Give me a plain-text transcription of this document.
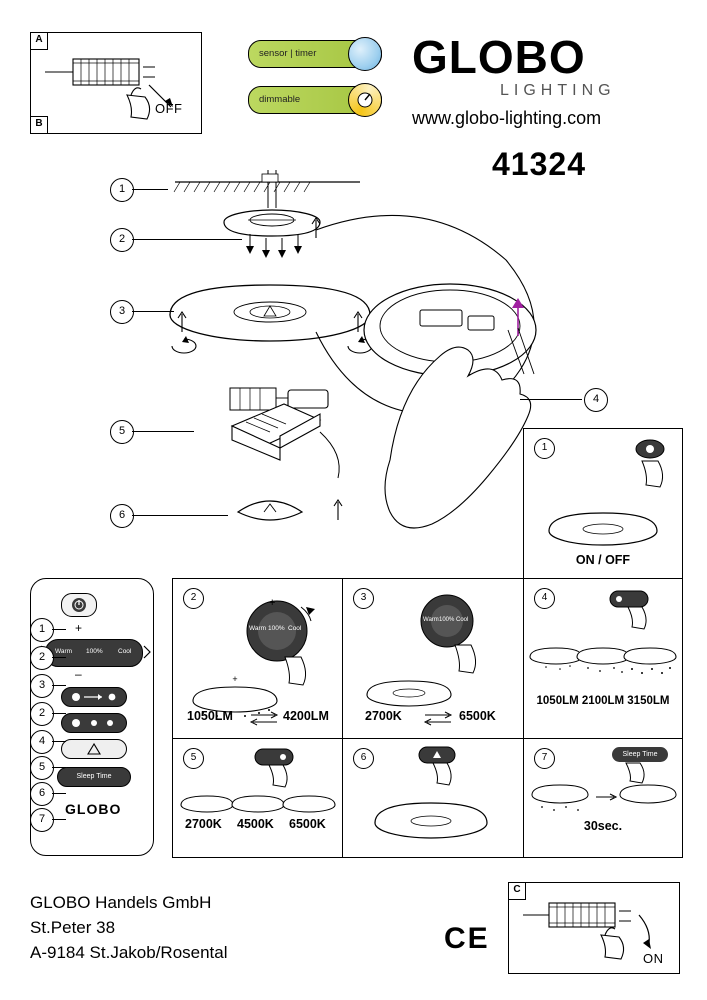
A
B
OFF
sensor | timer
dimmable
GLOBO
LIGHTING
www.globo-lighting.com
41324
1
2
3
4
5
6
1
ON / OFF
2
+
+
Warm 100% Cool
1050LM	4200LM
3
Warm 100% Cool
2700K	6500K
4
1050LM 2100LM 3150LM
5
2700K 4500K 6500K
6	7	Sleep Time
30sec.
+
Warm 100% Cool
–
Sleep Time
GLOBO
1
2
3
2
4
5
6
7
GLOBO Handels GmbH
St.Peter 38
A-9184 St.Jakob/Rosental	CE
C
ON
